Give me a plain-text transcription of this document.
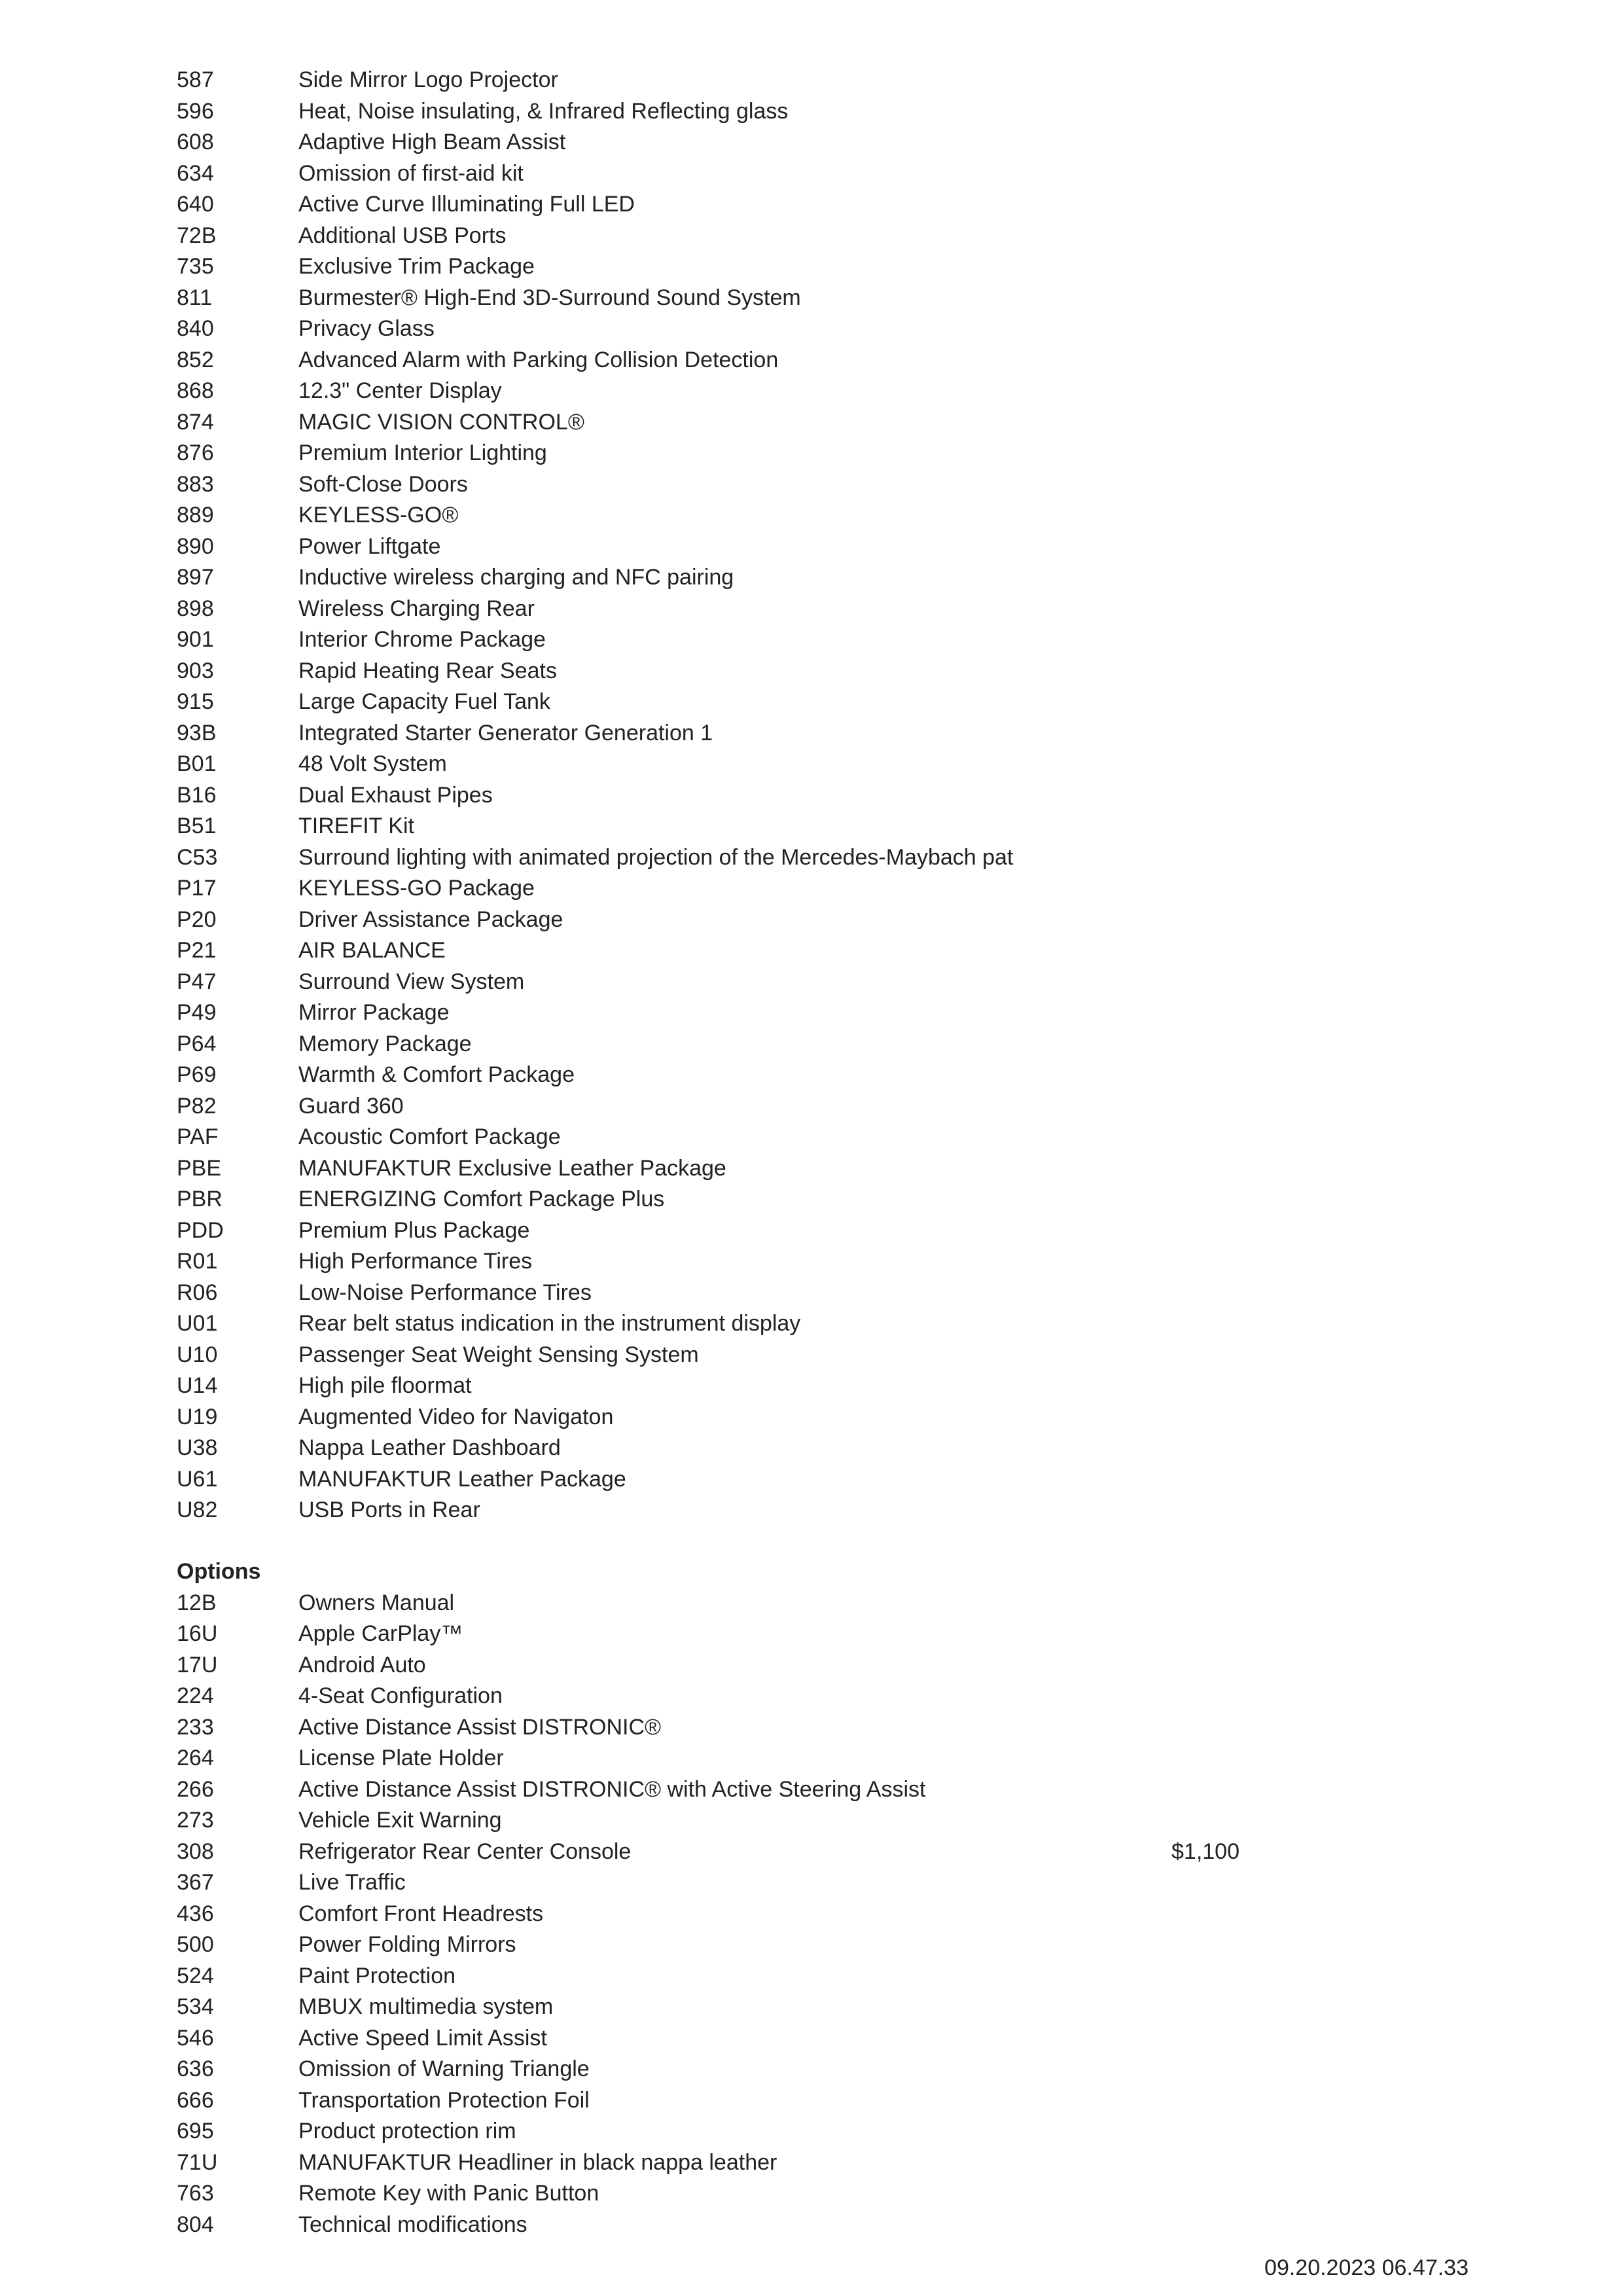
587	Side Mirror Logo Projector
596	Heat, Noise insulating, & Infrared Reflecting glass
608	Adaptive High Beam Assist
634	Omission of first-aid kit
640	Active Curve Illuminating Full LED
72B	Additional USB Ports
735	Exclusive Trim Package
811	Burmester® High-End 3D-Surround Sound System
840	Privacy Glass
852	Advanced Alarm with Parking Collision Detection
868	12.3" Center Display
874	MAGIC VISION CONTROL®
876	Premium Interior Lighting
883	Soft-Close Doors
889	KEYLESS-GO®
890	Power Liftgate
897	Inductive wireless charging and NFC pairing
898	Wireless Charging Rear
901	Interior Chrome Package
903	Rapid Heating Rear Seats
915	Large Capacity Fuel Tank
93B	Integrated Starter Generator Generation 1
B01	48 Volt System
B16	Dual Exhaust Pipes
B51	TIREFIT Kit
C53	Surround lighting with animated projection of the Mercedes-Maybach pat
P17	KEYLESS-GO Package
P20	Driver Assistance Package
P21	AIR BALANCE
P47	Surround View System
P49	Mirror Package
P64	Memory Package
P69	Warmth & Comfort Package
P82	Guard 360
PAF	Acoustic Comfort Package
PBE	MANUFAKTUR Exclusive Leather Package
PBR	ENERGIZING Comfort Package Plus
PDD	Premium Plus Package
R01	High Performance Tires
R06	Low-Noise Performance Tires
U01	Rear belt status indication in the instrument display
U10	Passenger Seat Weight Sensing System
U14	High pile floormat
U19	Augmented Video for Navigaton
U38	Nappa Leather Dashboard
U61	MANUFAKTUR Leather Package
U82	USB Ports in Rear
Options
12B	Owners Manual
16U	Apple CarPlay™
17U	Android Auto
224	4-Seat Configuration
233	Active Distance Assist DISTRONIC®
264	License Plate Holder
266	Active Distance Assist DISTRONIC® with Active Steering Assist
273	Vehicle Exit Warning
308	Refrigerator Rear Center Console	$1,100
367	Live Traffic
436	Comfort Front Headrests
500	Power Folding Mirrors
524	Paint Protection
534	MBUX multimedia system
546	Active Speed Limit Assist
636	Omission of Warning Triangle
666	Transportation Protection Foil
695	Product protection rim
71U	MANUFAKTUR Headliner in black nappa leather
763	Remote Key with Panic Button
804	Technical modifications
09.20.2023 06.47.33
